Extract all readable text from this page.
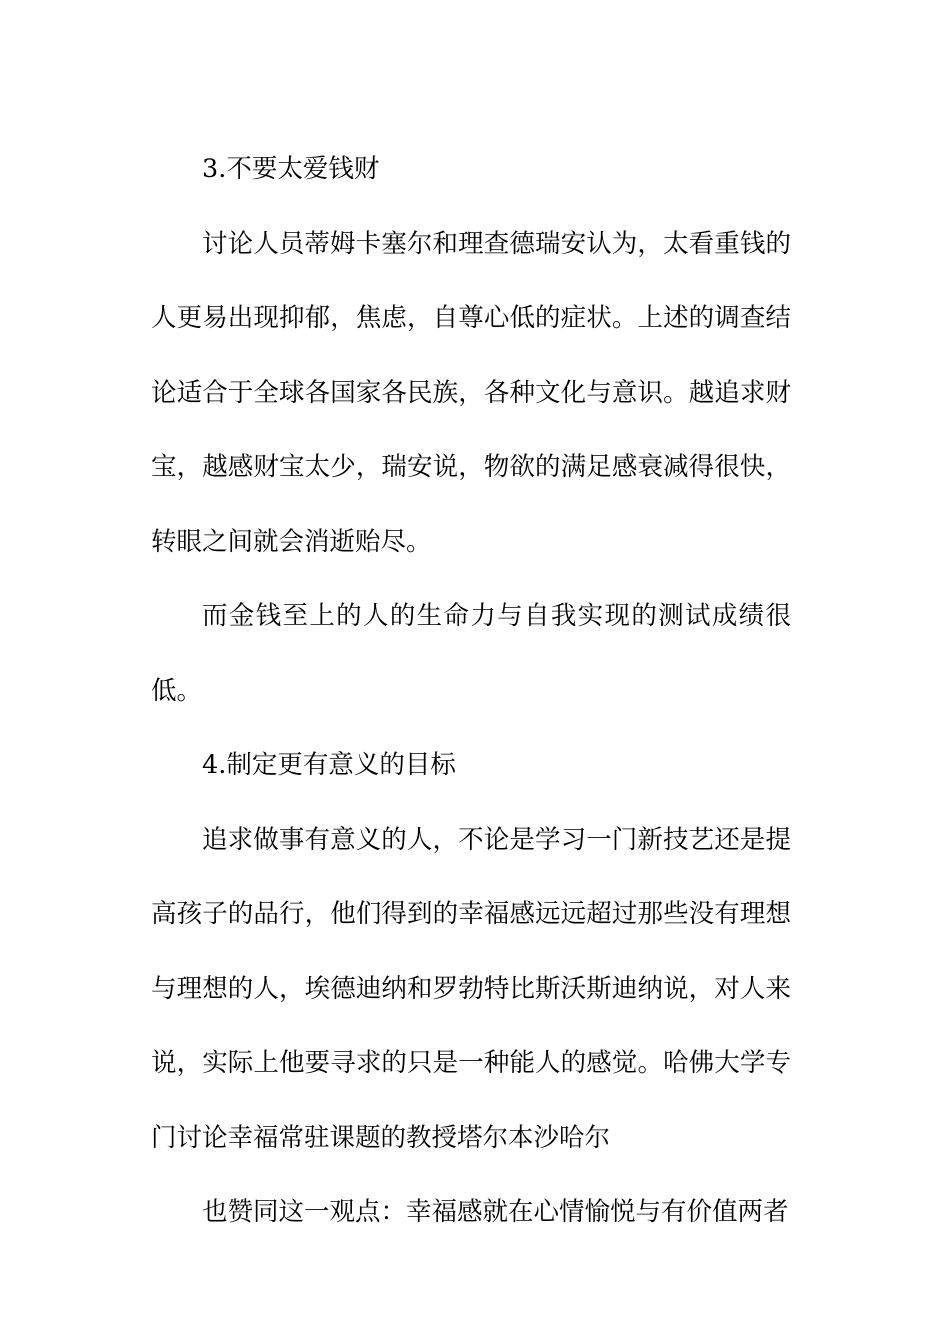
3.不要太爱钱财

讨论人员蒂姆卡塞尔和理查德瑞安认为，太看重钱的人更易出现抑郁，焦虑，自尊心低的症状。上述的调查结论适合于全球各国家各民族，各种文化与意识。越追求财宝，越感财宝太少，瑞安说，物欲的满足感衰减得很快，转眼之间就会消逝贻尽。

而金钱至上的人的生命力与自我实现的测试成绩很低。

4.制定更有意义的目标

追求做事有意义的人，不论是学习一门新技艺还是提高孩子的品行，他们得到的幸福感远远超过那些没有理想与理想的人，埃德迪纳和罗勃特比斯沃斯迪纳说，对人来说，实际上他要寻求的只是一种能人的感觉。哈佛大学专门讨论幸福常驻课题的教授塔尔本沙哈尔

也赞同这一观点：幸福感就在心情愉悦与有价值两者
